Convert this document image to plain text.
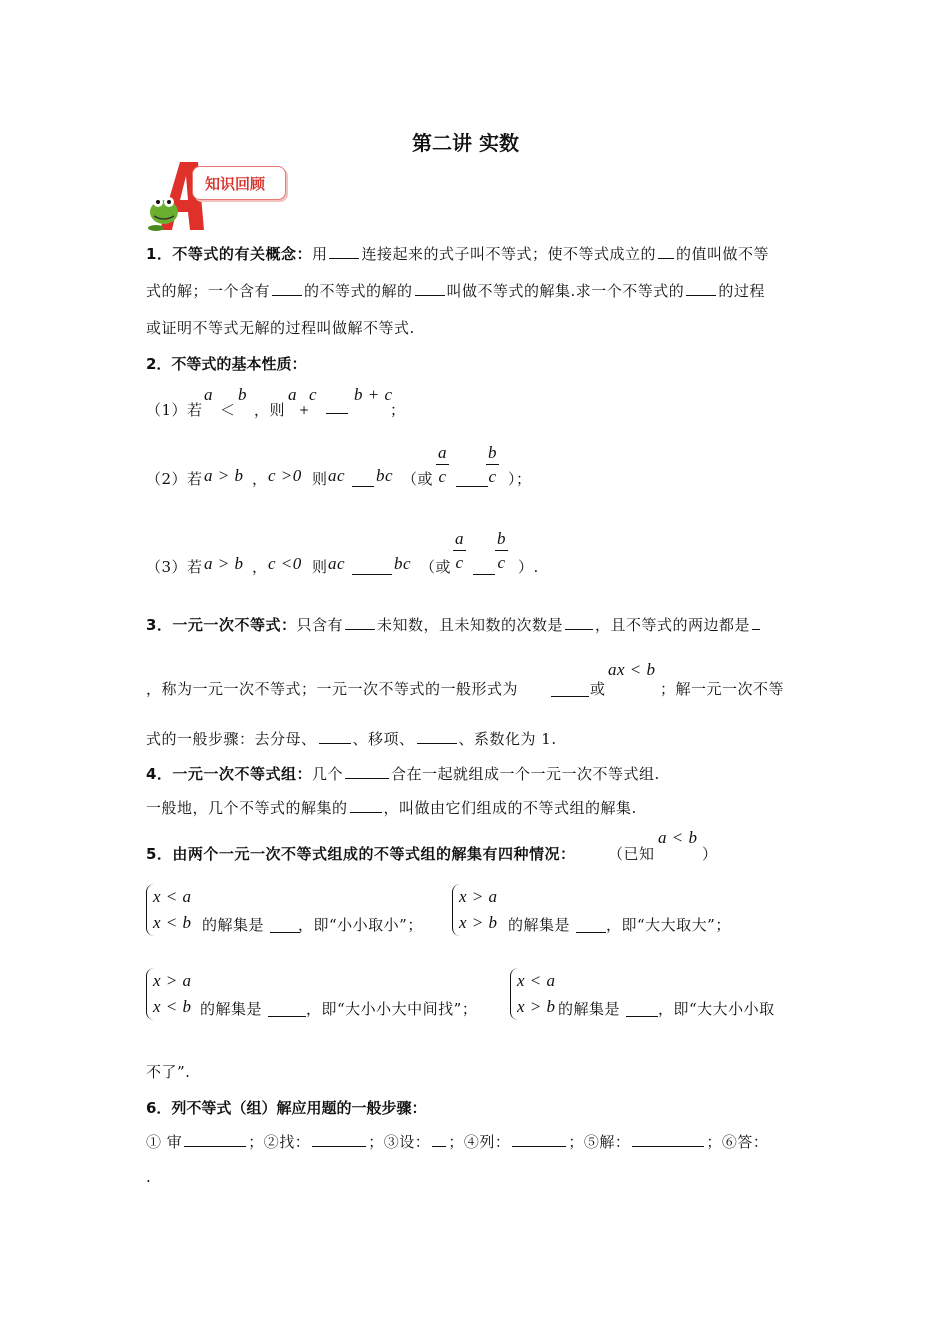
第二讲 实数
知识回顾
1．不等式的有关概念：用 连接起来的式子叫不等式；使不等式成立的 的值叫做不等
式的解；一个含有 的不等式的解的 叫做不等式的解集.求一个不等式的 的过程
或证明不等式无解的过程叫做解不等式.
2．不等式的基本性质：
（1）若
a
＜
b
，则
a c
+
b + c
；
（2）若 a > b ， c >0 则 ac bc （或 $\frac{a}{c} \frac{b}{c}$ ）；
（3）若 a > b ， c <0 则 ac	bc （或 $\frac{a}{c} \frac{b}{c}$ ）.
3．一元一次不等式：只含有 未知数，且未知数的次数是 ，且不等式的两边都是
，称为一元一次不等式；一元一次不等式的一般形式为	或
ax < b
；解一元一次不等
式的一般步骤：去分母、 、移项、	、系数化为 1.
4．一元一次不等式组：几个	合在一起就组成一个一元一次不等式组.
一般地，几个不等式的解集的 ，叫做由它们组成的不等式组的解集.
5．由两个一元一次不等式组成的不等式组的解集有四种情况： （已知
a < b
）
x < a
x < b 的解集是 ，即“小小取小”；
x > a
x > b 的解集是 ，即“大大取大”；
x > a
x < b 的解集是	，即“大小小大中间找”；
x < a
x > b 的解集是	，即“大大小小取
不了”.
6．列不等式（组）解应用题的一般步骤：
① 审	；②找：	；③设： ；④列：	；⑤解：	；⑥答：
.
